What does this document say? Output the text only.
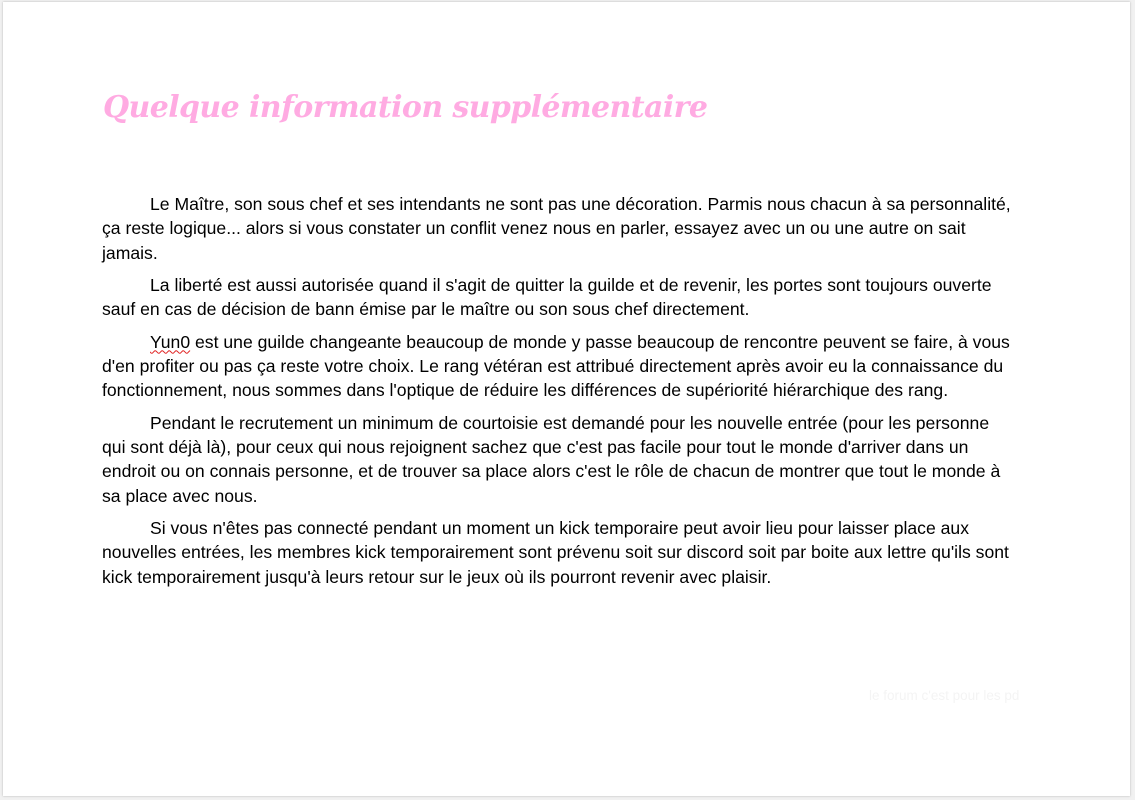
Quelque information supplémentaire

Le Maître, son sous chef et ses intendants ne sont pas une décoration. Parmis nous chacun à sa personnalité, ça reste logique... alors si vous constater un conflit venez nous en parler, essayez avec un ou une autre on sait jamais.

La liberté est aussi autorisée quand il s'agit de quitter la guilde et de revenir, les portes sont toujours ouverte sauf en cas de décision de bann émise par le maître ou son sous chef directement.

Yun0 est une guilde changeante beaucoup de monde y passe beaucoup de rencontre peuvent se faire, à vous d'en profiter ou pas ça reste votre choix. Le rang vétéran est attribué directement après avoir eu la connaissance du fonctionnement, nous sommes dans l'optique de réduire les différences de supériorité hiérarchique des rang.

Pendant le recrutement un minimum de courtoisie est demandé pour les nouvelle entrée (pour les personne qui sont déjà là), pour ceux qui nous rejoignent sachez que c'est pas facile pour tout le monde d'arriver dans un endroit ou on connais personne, et de trouver sa place alors c'est le rôle de chacun de montrer que tout le monde à sa place avec nous.

Si vous n'êtes pas connecté pendant un moment un kick temporaire peut avoir lieu pour laisser place aux nouvelles entrées, les membres kick temporairement sont prévenu soit sur discord soit par boite aux lettre qu'ils sont kick temporairement jusqu'à leurs retour sur le jeux où ils pourront revenir avec plaisir.

le forum c'est pour les pd
